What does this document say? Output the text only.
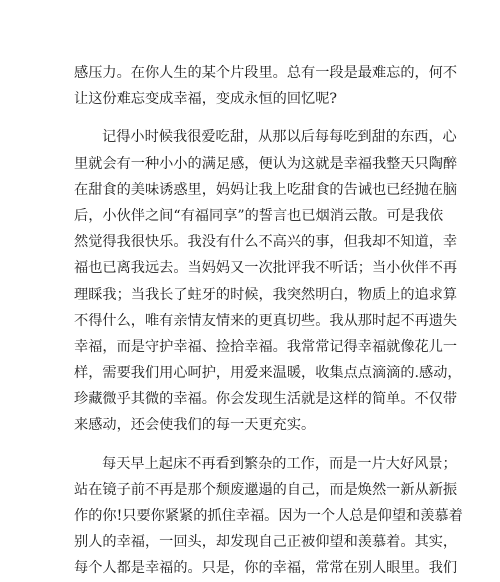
感压力。在你人生的某个片段里。总有一段是最难忘的，何不
让这份难忘变成幸福，变成永恒的回忆呢?
记得小时候我很爱吃甜，从那以后每每吃到甜的东西，心
里就会有一种小小的满足感，便认为这就是幸福我整天只陶醉
在甜食的美味诱惑里，妈妈让我上吃甜食的告诫也已经抛在脑
后，小伙伴之间“有福同享”的誓言也已烟消云散。可是我依
然觉得我很快乐。我没有什么不高兴的事，但我却不知道，幸
福也已离我远去。当妈妈又一次批评我不听话；当小伙伴不再
理睬我；当我长了蛀牙的时候，我突然明白，物质上的追求算
不得什么，唯有亲情友情来的更真切些。我从那时起不再遗失
幸福，而是守护幸福、捡拾幸福。我常常记得幸福就像花儿一
样，需要我们用心呵护，用爱来温暖，收集点点滴滴的.感动，
珍藏微乎其微的幸福。你会发现生活就是这样的简单。不仅带
来感动，还会使我们的每一天更充实。
每天早上起床不再看到繁杂的工作，而是一片大好风景；
站在镜子前不再是那个颓废邋遢的自己，而是焕然一新从新振
作的你!只要你紧紧的抓住幸福。因为一个人总是仰望和羡慕着
别人的幸福，一回头，却发现自己正被仰望和羡慕着。其实，
每个人都是幸福的。只是，你的幸福，常常在别人眼里。我们
